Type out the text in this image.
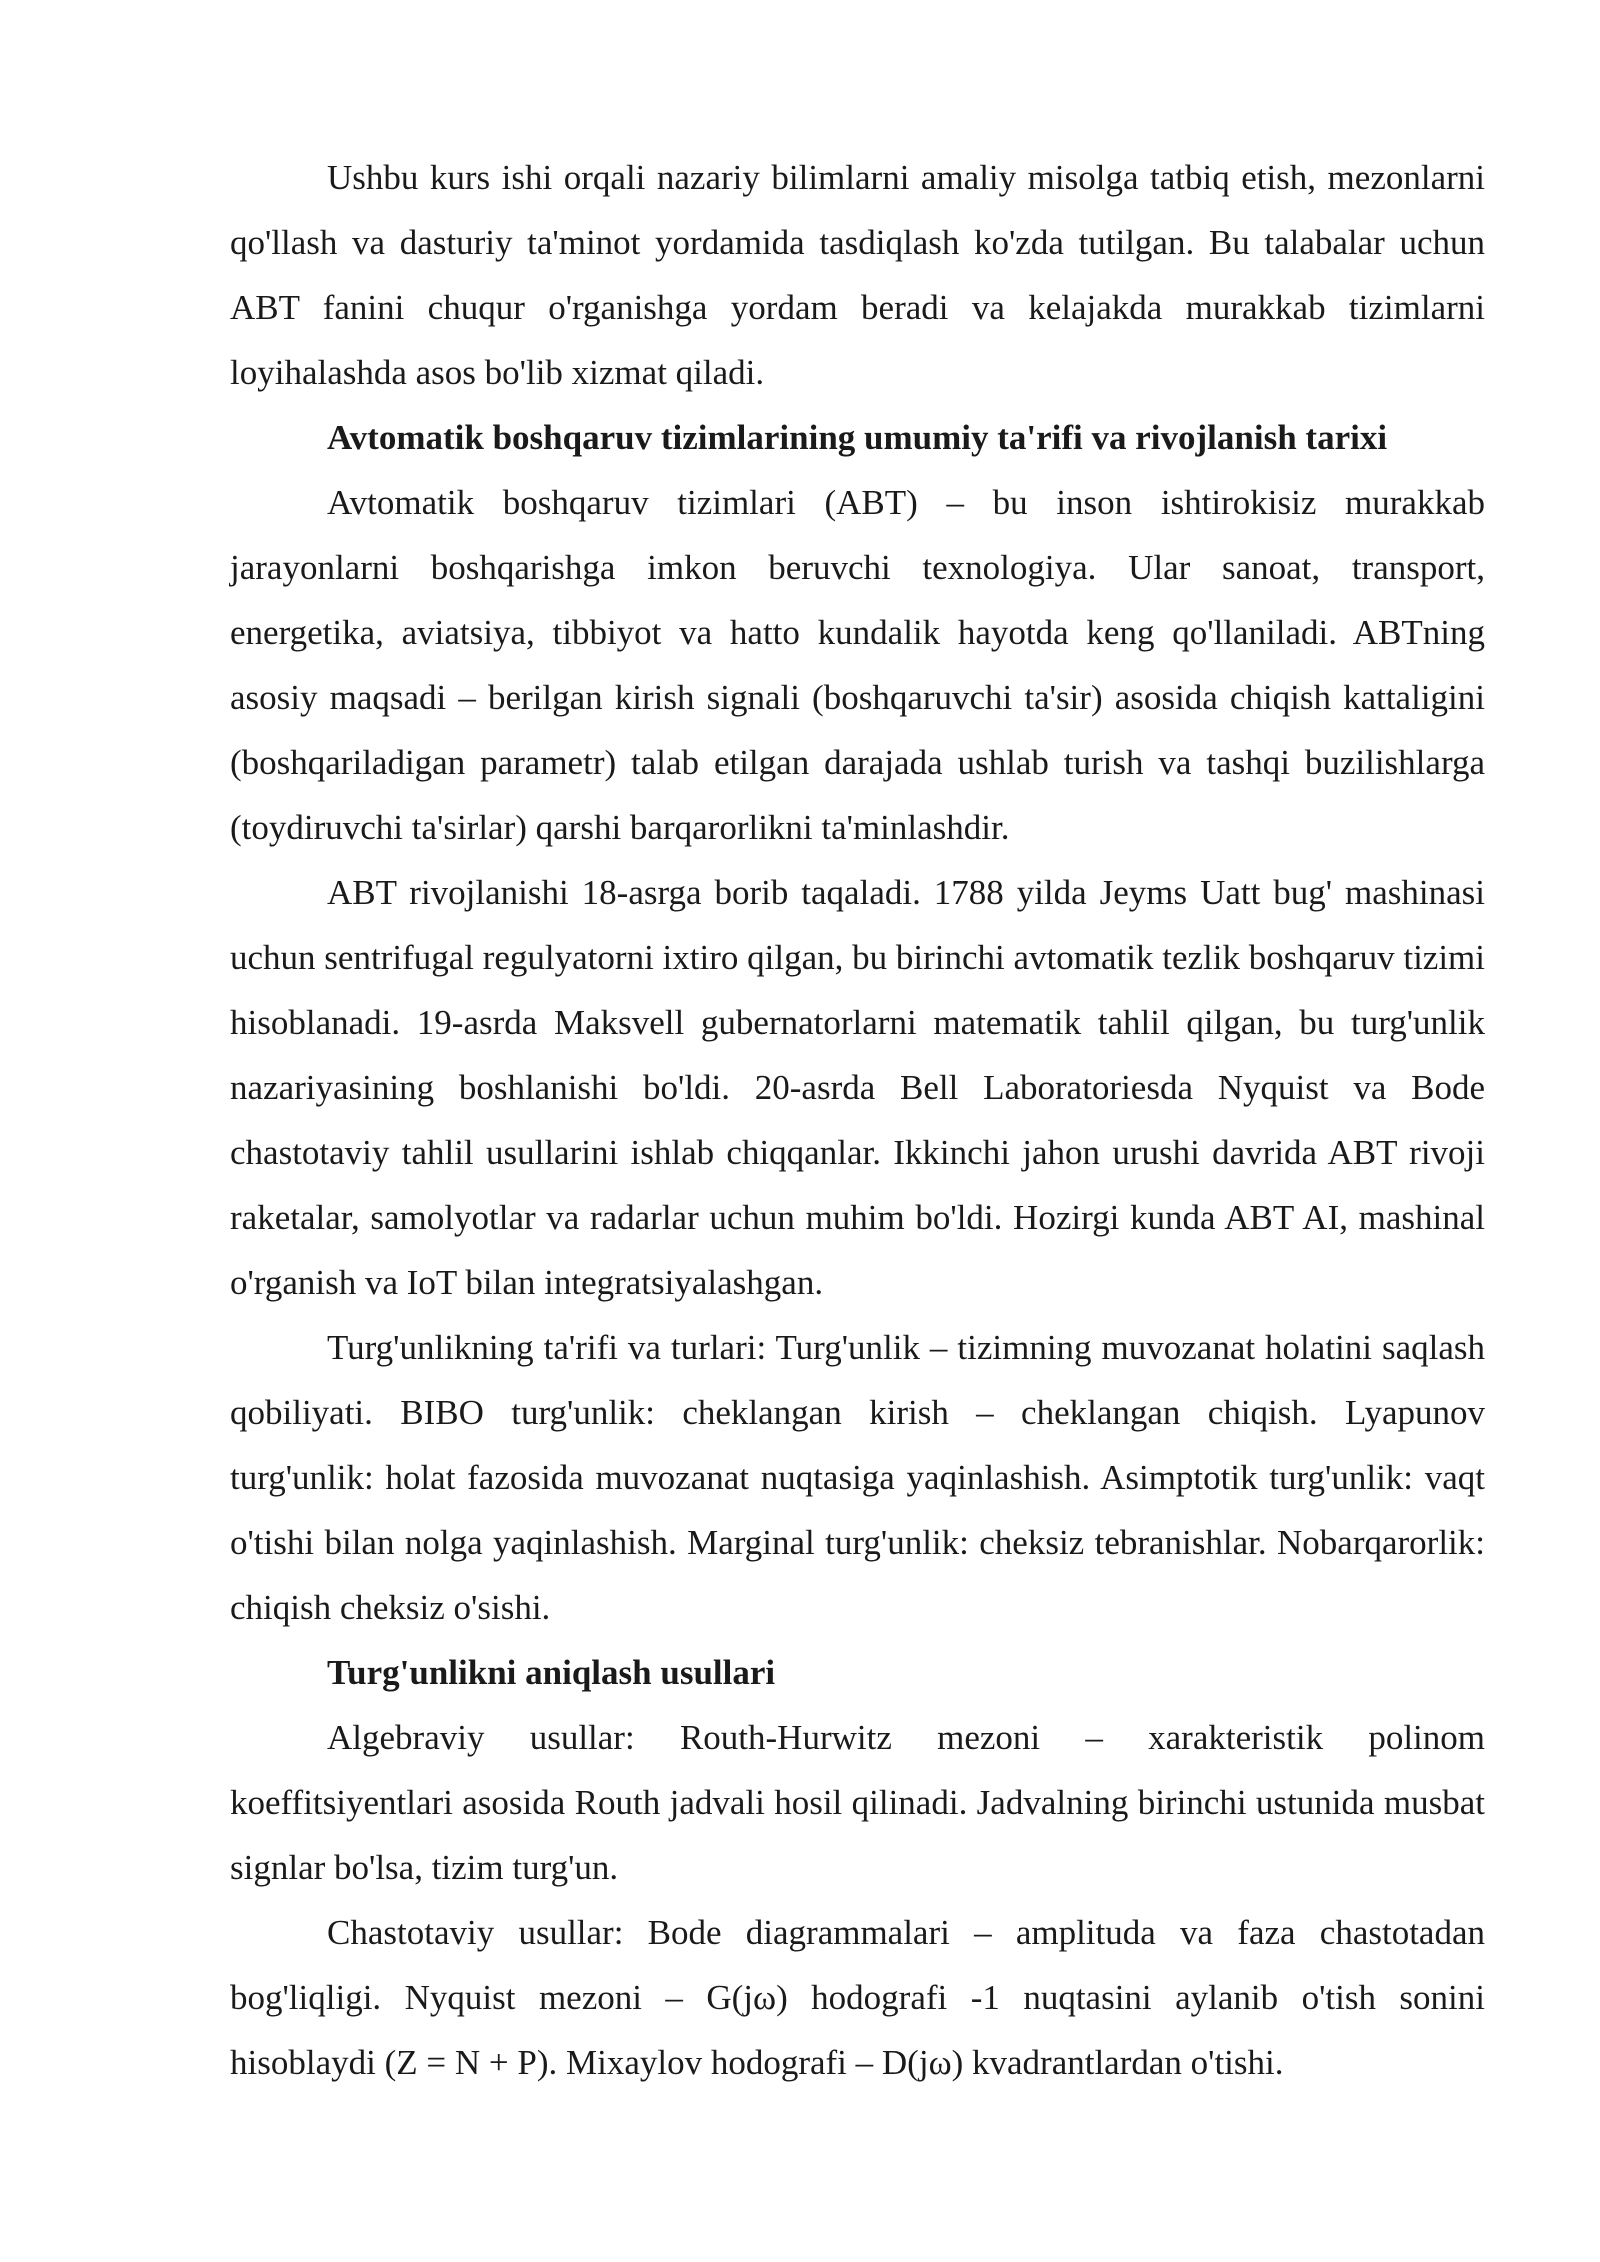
Ushbu kurs ishi orqali nazariy bilimlarni amaliy misolga tatbiq etish, mezonlarni qo'llash va dasturiy ta'minot yordamida tasdiqlash ko'zda tutilgan. Bu talabalar uchun ABT fanini chuqur o'rganishga yordam beradi va kelajakda murakkab tizimlarni loyihalashda asos bo'lib xizmat qiladi.

Avtomatik boshqaruv tizimlarining umumiy ta'rifi va rivojlanish tarixi

Avtomatik boshqaruv tizimlari (ABT) – bu inson ishtirokisiz murakkab jarayonlarni boshqarishga imkon beruvchi texnologiya. Ular sanoat, transport, energetika, aviatsiya, tibbiyot va hatto kundalik hayotda keng qo'llaniladi. ABTning asosiy maqsadi – berilgan kirish signali (boshqaruvchi ta'sir) asosida chiqish kattaligini (boshqariladigan parametr) talab etilgan darajada ushlab turish va tashqi buzilishlarga (toydiruvchi ta'sirlar) qarshi barqarorlikni ta'minlashdir.

ABT rivojlanishi 18-asrga borib taqaladi. 1788 yilda Jeyms Uatt bug' mashinasi uchun sentrifugal regulyatorni ixtiro qilgan, bu birinchi avtomatik tezlik boshqaruv tizimi hisoblanadi. 19-asrda Maksvell gubernatorlarni matematik tahlil qilgan, bu turg'unlik nazariyasining boshlanishi bo'ldi. 20-asrda Bell Laboratoriesda Nyquist va Bode chastotaviy tahlil usullarini ishlab chiqqanlar. Ikkinchi jahon urushi davrida ABT rivoji raketalar, samolyotlar va radarlar uchun muhim bo'ldi. Hozirgi kunda ABT AI, mashinal o'rganish va IoT bilan integratsiyalashgan.

Turg'unlikning ta'rifi va turlari: Turg'unlik – tizimning muvozanat holatini saqlash qobiliyati. BIBO turg'unlik: cheklangan kirish – cheklangan chiqish. Lyapunov turg'unlik: holat fazosida muvozanat nuqtasiga yaqinlashish. Asimptotik turg'unlik: vaqt o'tishi bilan nolga yaqinlashish. Marginal turg'unlik: cheksiz tebranishlar. Nobarqarorlik: chiqish cheksiz o'sishi.

Turg'unlikni aniqlash usullari

Algebraviy usullar: Routh-Hurwitz mezoni – xarakteristik polinom koeffitsiyentlari asosida Routh jadvali hosil qilinadi. Jadvalning birinchi ustunida musbat signlar bo'lsa, tizim turg'un.

Chastotaviy usullar: Bode diagrammalari – amplituda va faza chastotadan bog'liqligi. Nyquist mezoni – G(jω) hodografi -1 nuqtasini aylanib o'tish sonini hisoblaydi (Z = N + P). Mixaylov hodografi – D(jω) kvadrantlardan o'tishi.
